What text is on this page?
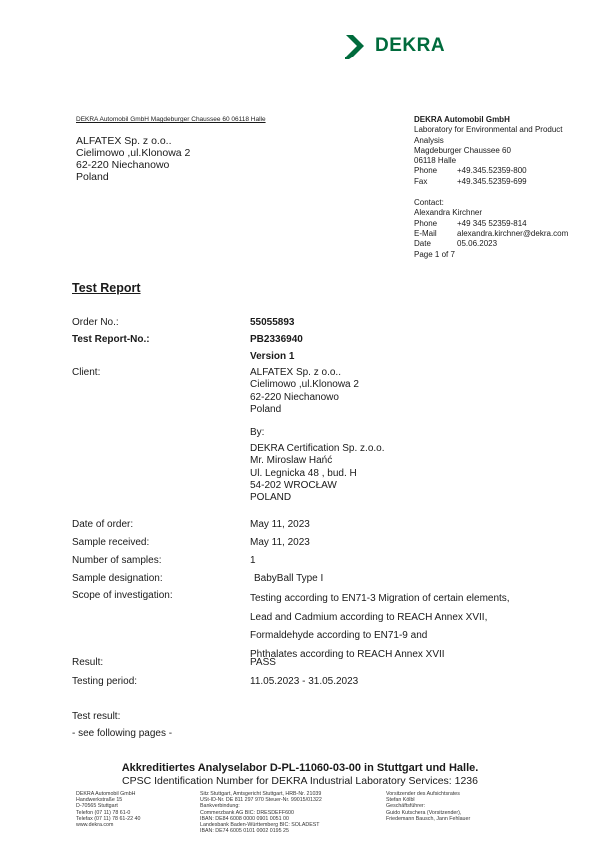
DEKRA
DEKRA Automobil GmbH Magdeburger Chaussee 60 06118 Halle
ALFATEX Sp. z o.o..
Cielimowo ,ul.Klonowa 2
62-220 Niechanowo
Poland
DEKRA Automobil GmbH
Laboratory for Environmental and Product
Analysis
Magdeburger Chaussee 60
06118 Halle
Phone	+49.345.52359-800
Fax	+49.345.52359-699
Contact:
Alexandra Kirchner
Phone	+49 345 52359-814
E-Mail	alexandra.kirchner@dekra.com
Date	05.06.2023
Page 1 of 7
Test Report
Order No.:	55055893
Test Report-No.:	PB2336940
Version 1
Client:	ALFATEX Sp. z o.o..
Cielimowo ,ul.Klonowa 2
62-220 Niechanowo
Poland
By:
DEKRA Certification Sp. z.o.o.
Mr. Miroslaw Hańć
Ul. Legnicka 48 , bud. H
54-202 WROCŁAW
POLAND
Date of order:	May 11, 2023
Sample received:	May 11, 2023
Number of samples:	1
Sample designation:	BabyBall Type I
Scope of investigation:	Testing according to EN71-3 Migration of certain elements,
Lead and Cadmium according to REACH Annex XVII,
Formaldehyde according to EN71-9 and
Phthalates according to REACH Annex XVII
Result:	PASS
Testing period:	11.05.2023 - 31.05.2023
Test result:
- see following pages -
Akkreditiertes Analyselabor D-PL-11060-03-00 in Stuttgart und Halle.
CPSC Identification Number for DEKRA Industrial Laboratory Services: 1236
DEKRA Automobil GmbH
Handwerkstraße 15
D-70565 Stuttgart
Telefon (07 11) 78 61-0
Telefax (07 11) 78 61-22 40
www.dekra.com
Sitz Stuttgart, Amtsgericht Stuttgart, HRB-Nr. 21039
USt-ID-Nr. DE 811 297 970 Steuer-Nr. 99015/01322
Bankverbindung:
Commerzbank AG BIC: DRESDEFF600
IBAN: DE84 6008 0000 0901 0051 00
Landesbank Baden-Württemberg BIC: SOLADEST
IBAN: DE74 6005 0101 0002 0195 25
Vorsitzender des Aufsichtsrates
Stefan Kölbl
Geschäftsführer:
Guido Kutschera (Vorsitzender),
Friedemann Bausch, Jann Fehlauer
